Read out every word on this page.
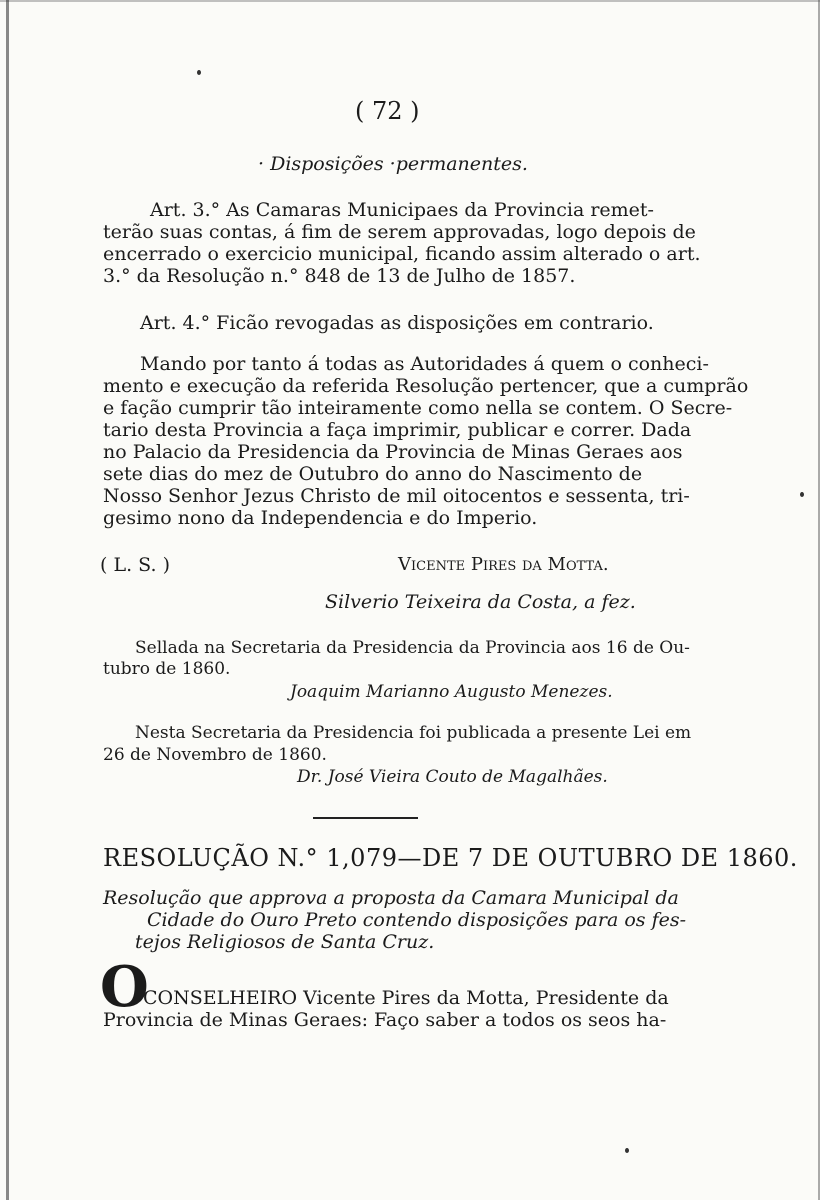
( 72 )
· Disposições ·permanentes.
Art. 3.° As Camaras Municipaes da Provincia remet-
terão suas contas, á fim de serem approvadas, logo depois de
encerrado o exercicio municipal, ficando assim alterado o art.
3.° da Resolução n.° 848 de 13 de Julho de 1857.
Art. 4.° Ficão revogadas as disposições em contrario.
Mando por tanto á todas as Autoridades á quem o conheci-
mento e execução da referida Resolução pertencer, que a cumprão
e fação cumprir tão inteiramente como nella se contem. O Secre-
tario desta Provincia a faça imprimir, publicar e correr. Dada
no Palacio da Presidencia da Provincia de Minas Geraes aos
sete dias do mez de Outubro do anno do Nascimento de
Nosso Senhor Jezus Christo de mil oitocentos e sessenta, tri-
gesimo nono da Independencia e do Imperio.
( L. S. )	Vicente Pires da Motta.
Silverio Teixeira da Costa, a fez.
Sellada na Secretaria da Presidencia da Provincia aos 16 de Ou-
tubro de 1860.
Joaquim Marianno Augusto Menezes.
Nesta Secretaria da Presidencia foi publicada a presente Lei em
26 de Novembro de 1860.
Dr. José Vieira Couto de Magalhães.
RESOLUÇÃO N.° 1,079—DE 7 DE OUTUBRO DE 1860.
Resolução que approva a proposta da Camara Municipal da
Cidade do Ouro Preto contendo disposições para os fes-
tejos Religiosos de Santa Cruz.
O
CONSELHEIRO Vicente Pires da Motta, Presidente da
Provincia de Minas Geraes: Faço saber a todos os seos ha-
